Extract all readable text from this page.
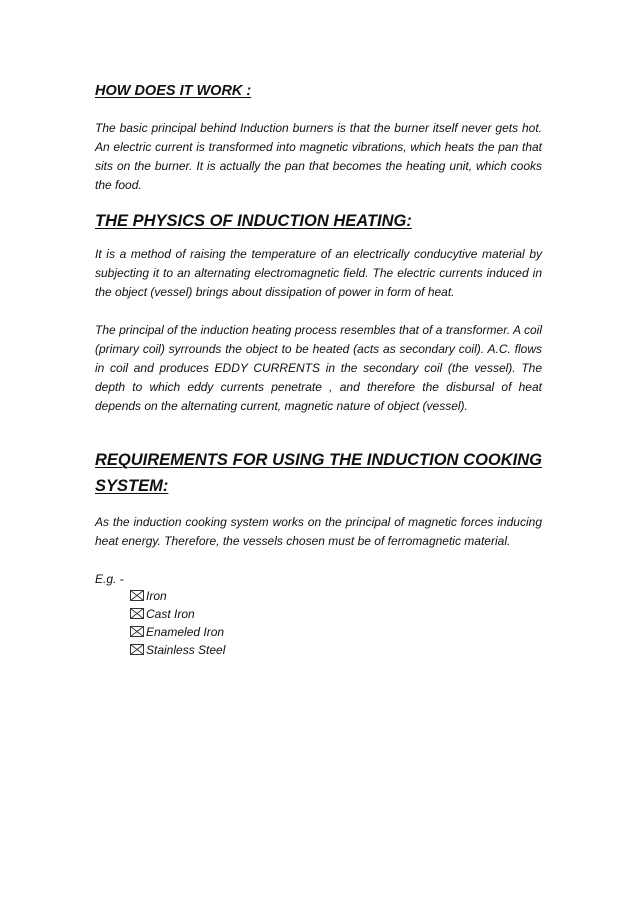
HOW DOES IT WORK :

The basic principal behind Induction burners is that the burner itself never gets hot. An electric current is transformed into magnetic vibrations, which heats the pan that sits on the burner. It is actually the pan that becomes the heating unit, which cooks the food.

THE PHYSICS OF INDUCTION HEATING:

It is a method of raising the temperature of an electrically conducytive material by subjecting it to an alternating electromagnetic field. The electric currents induced in the object (vessel) brings about dissipation of power in form of heat.

The principal of the induction heating process resembles that of a transformer. A coil (primary coil) syrrounds the object to be heated (acts as secondary coil). A.C. flows in coil and produces EDDY CURRENTS in the secondary coil (the vessel). The depth to which eddy currents penetrate , and therefore the disbursal of heat depends on the alternating current, magnetic nature of object (vessel).

REQUIREMENTS FOR USING THE INDUCTION COOKING SYSTEM:

As the induction cooking system works on the principal of magnetic forces inducing heat energy. Therefore, the vessels chosen must be of ferromagnetic material.

E.g. -

Iron
Cast Iron
Enameled Iron
Stainless Steel
